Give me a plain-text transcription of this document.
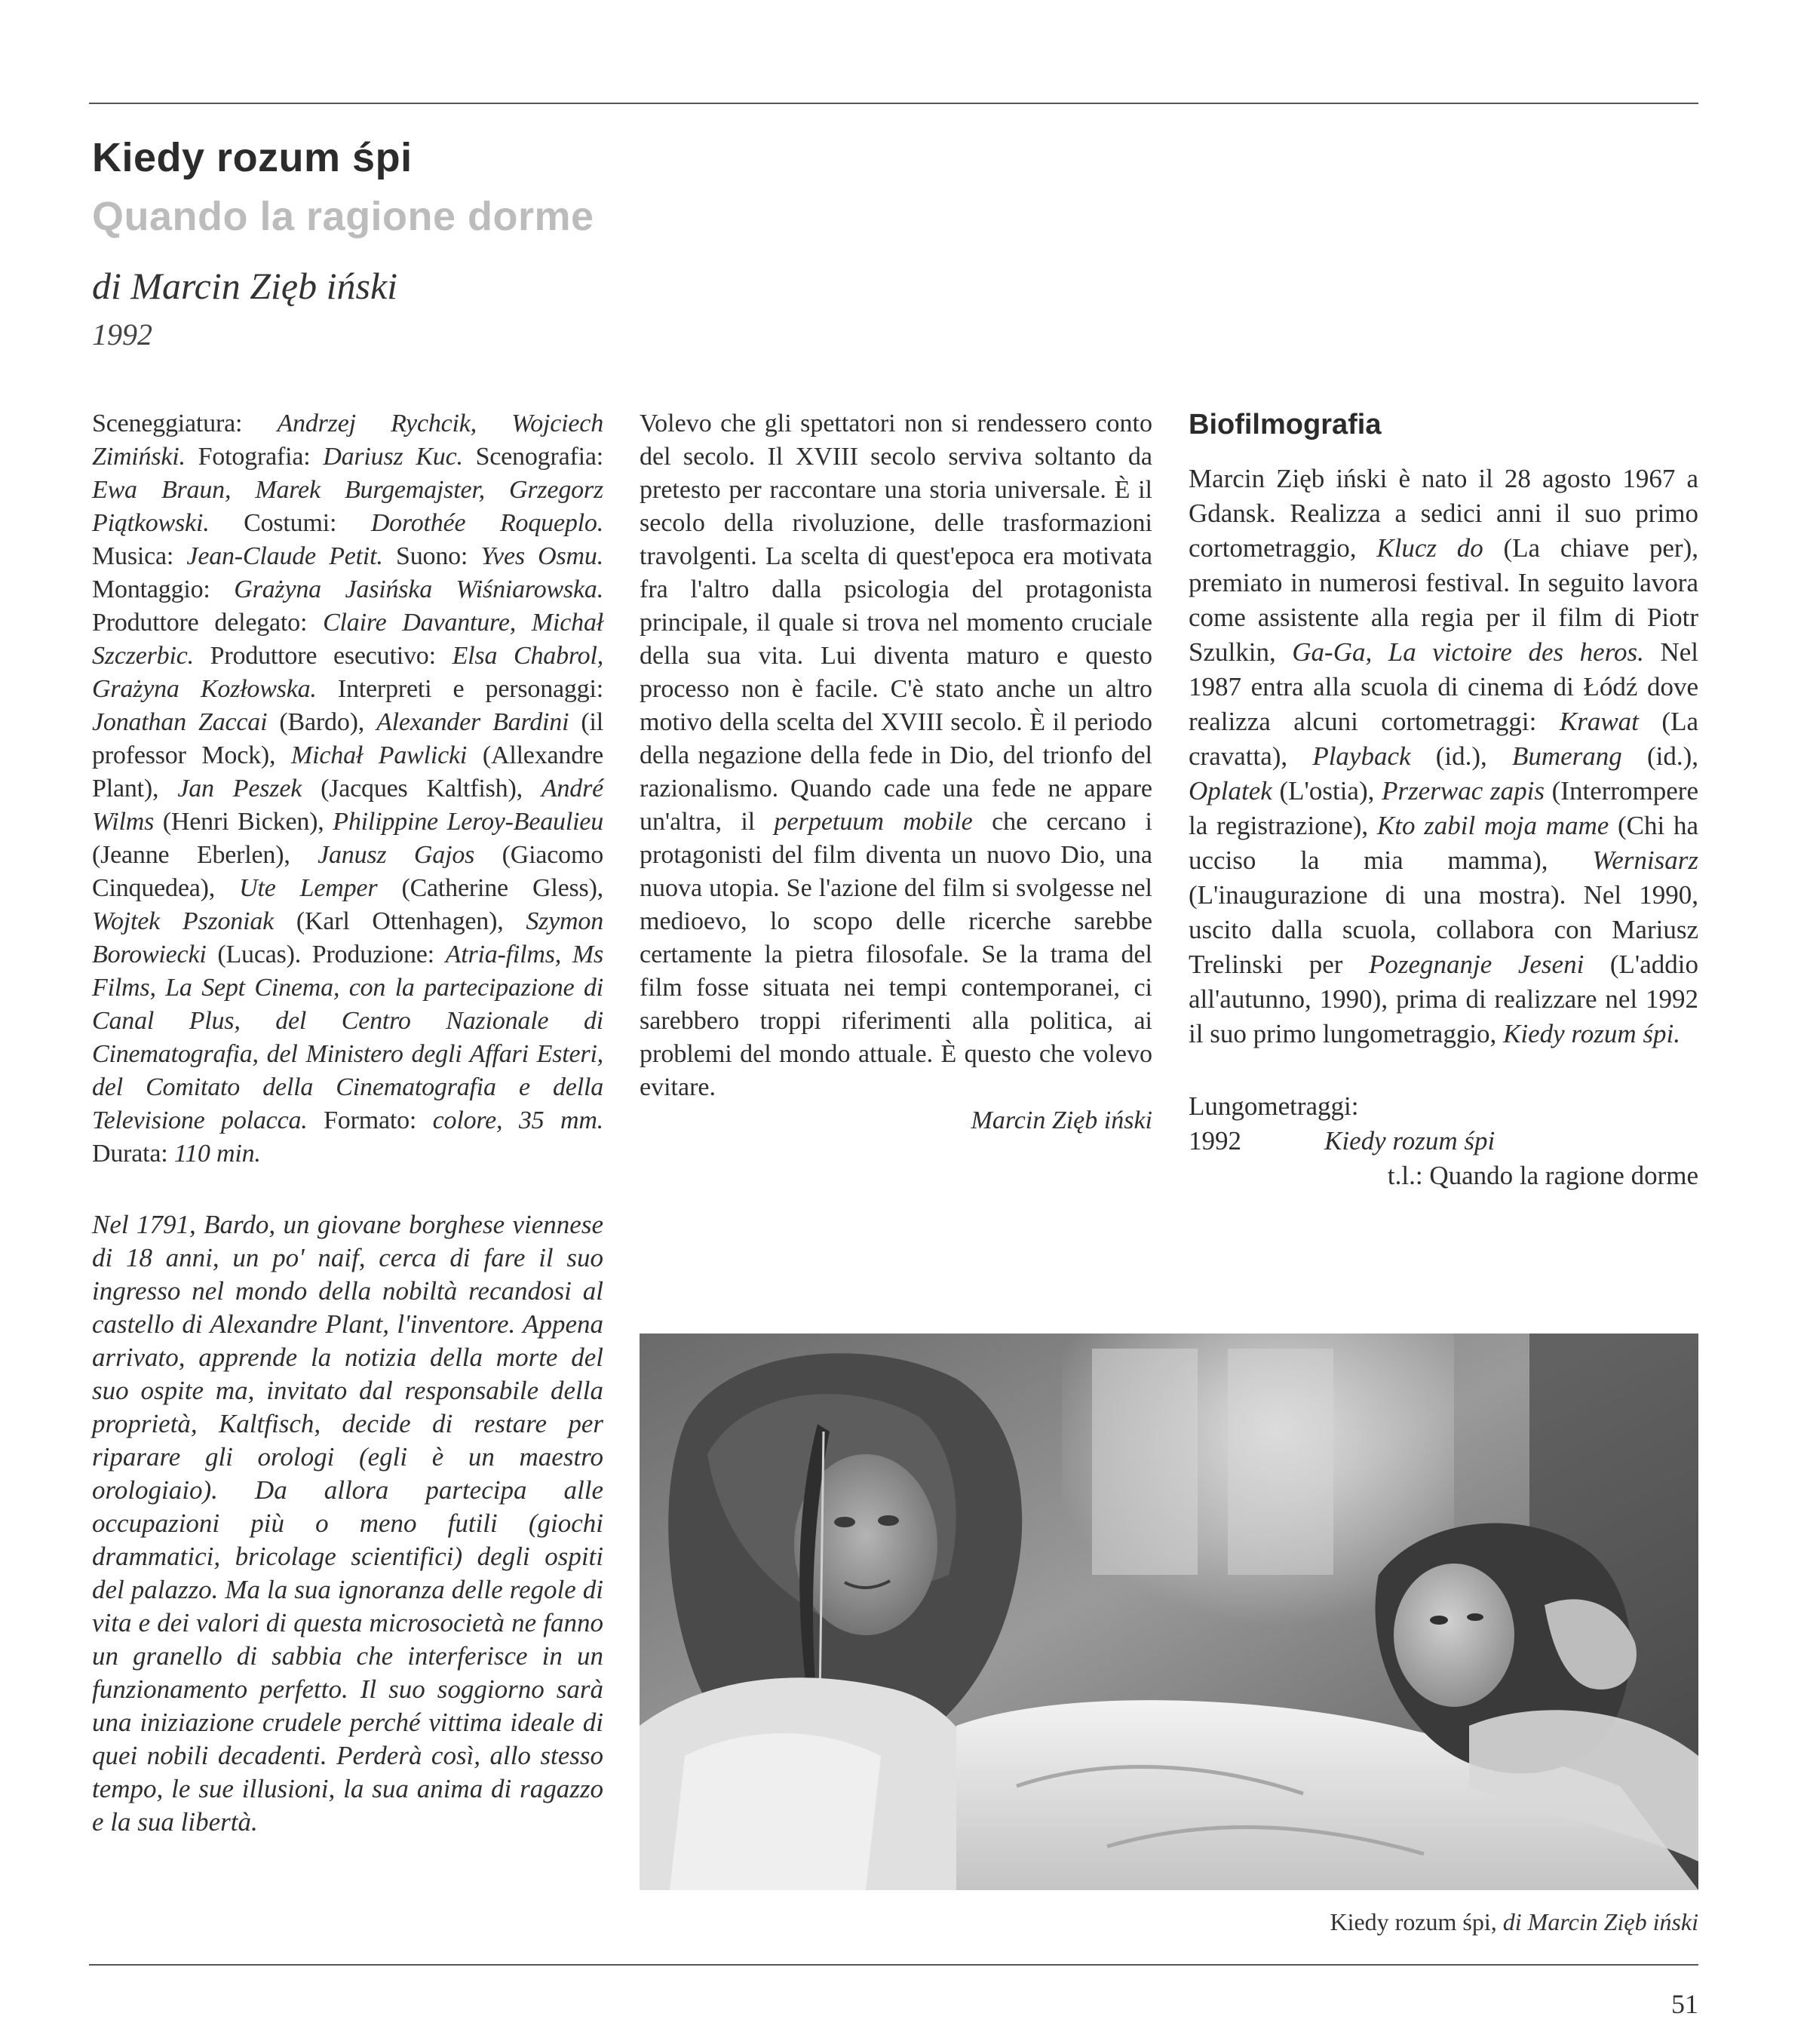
Kiedy rozum śpi
Quando la ragione dorme
di Marcin Zięb iński
1992

Sceneggiatura: Andrzej Rychcik, Wojciech Zimiński. Fotografia: Dariusz Kuc. Scenografia: Ewa Braun, Marek Burgemajster, Grzegorz Piątkowski. Costumi: Dorothée Roqueplo. Musica: Jean-Claude Petit. Suono: Yves Osmu. Montaggio: Grażyna Jasińska Wiśniarowska. Produttore delegato: Claire Davanture, Michał Szczerbic. Produttore esecutivo: Elsa Chabrol, Grażyna Kozłowska. Interpreti e personaggi: Jonathan Zaccai (Bardo), Alexander Bardini (il professor Mock), Michał Pawlicki (Allexandre Plant), Jan Peszek (Jacques Kaltfish), André Wilms (Henri Bicken), Philippine Leroy-Beaulieu (Jeanne Eberlen), Janusz Gajos (Giacomo Cinquedea), Ute Lemper (Catherine Gless), Wojtek Pszoniak (Karl Ottenhagen), Szymon Borowiecki (Lucas). Produzione: Atria-films, Ms Films, La Sept Cinema, con la partecipazione di Canal Plus, del Centro Nazionale di Cinematografia, del Ministero degli Affari Esteri, del Comitato della Cinematografia e della Televisione polacca. Formato: colore, 35 mm. Durata: 110 min.

Nel 1791, Bardo, un giovane borghese viennese di 18 anni, un po' naif, cerca di fare il suo ingresso nel mondo della nobiltà recandosi al castello di Alexandre Plant, l'inventore. Appena arrivato, apprende la notizia della morte del suo ospite ma, invitato dal responsabile della proprietà, Kaltfisch, decide di restare per riparare gli orologi (egli è un maestro orologiaio). Da allora partecipa alle occupazioni più o meno futili (giochi drammatici, bricolage scientifici) degli ospiti del palazzo. Ma la sua ignoranza delle regole di vita e dei valori di questa microsocietà ne fanno un granello di sabbia che interferisce in un funzionamento perfetto. Il suo soggiorno sarà una iniziazione crudele perché vittima ideale di quei nobili decadenti. Perderà così, allo stesso tempo, le sue illusioni, la sua anima di ragazzo e la sua libertà.

Volevo che gli spettatori non si rendessero conto del secolo. Il XVIII secolo serviva soltanto da pretesto per raccontare una storia universale. È il secolo della rivoluzione, delle trasformazioni travolgenti. La scelta di quest'epoca era motivata fra l'altro dalla psicologia del protagonista principale, il quale si trova nel momento cruciale della sua vita. Lui diventa maturo e questo processo non è facile. C'è stato anche un altro motivo della scelta del XVIII secolo. È il periodo della negazione della fede in Dio, del trionfo del razionalismo. Quando cade una fede ne appare un'altra, il perpetuum mobile che cercano i protagonisti del film diventa un nuovo Dio, una nuova utopia. Se l'azione del film si svolgesse nel medioevo, lo scopo delle ricerche sarebbe certamente la pietra filosofale. Se la trama del film fosse situata nei tempi contemporanei, ci sarebbero troppi riferimenti alla politica, ai problemi del mondo attuale. È questo che volevo evitare.

Marcin Zięb iński

Biofilmografia

Marcin Zięb iński è nato il 28 agosto 1967 a Gdansk. Realizza a sedici anni il suo primo cortometraggio, Klucz do (La chiave per), premiato in numerosi festival. In seguito lavora come assistente alla regia per il film di Piotr Szulkin, Ga-Ga, La victoire des heros. Nel 1987 entra alla scuola di cinema di Łódź dove realizza alcuni cortometraggi: Krawat (La cravatta), Playback (id.), Bumerang (id.), Oplatek (L'ostia), Przerwac zapis (Interrompere la registrazione), Kto zabil moja mame (Chi ha ucciso la mia mamma), Wernisarz (L'inaugurazione di una mostra). Nel 1990, uscito dalla scuola, collabora con Mariusz Trelinski per Pozegnanje Jeseni (L'addio all'autunno, 1990), prima di realizzare nel 1992 il suo primo lungometraggio, Kiedy rozum śpi.

Lungometraggi:

1992	Kiedy rozum śpi
t.l.: Quando la ragione dorme
Kiedy rozum śpi, di Marcin Zięb iński
51
